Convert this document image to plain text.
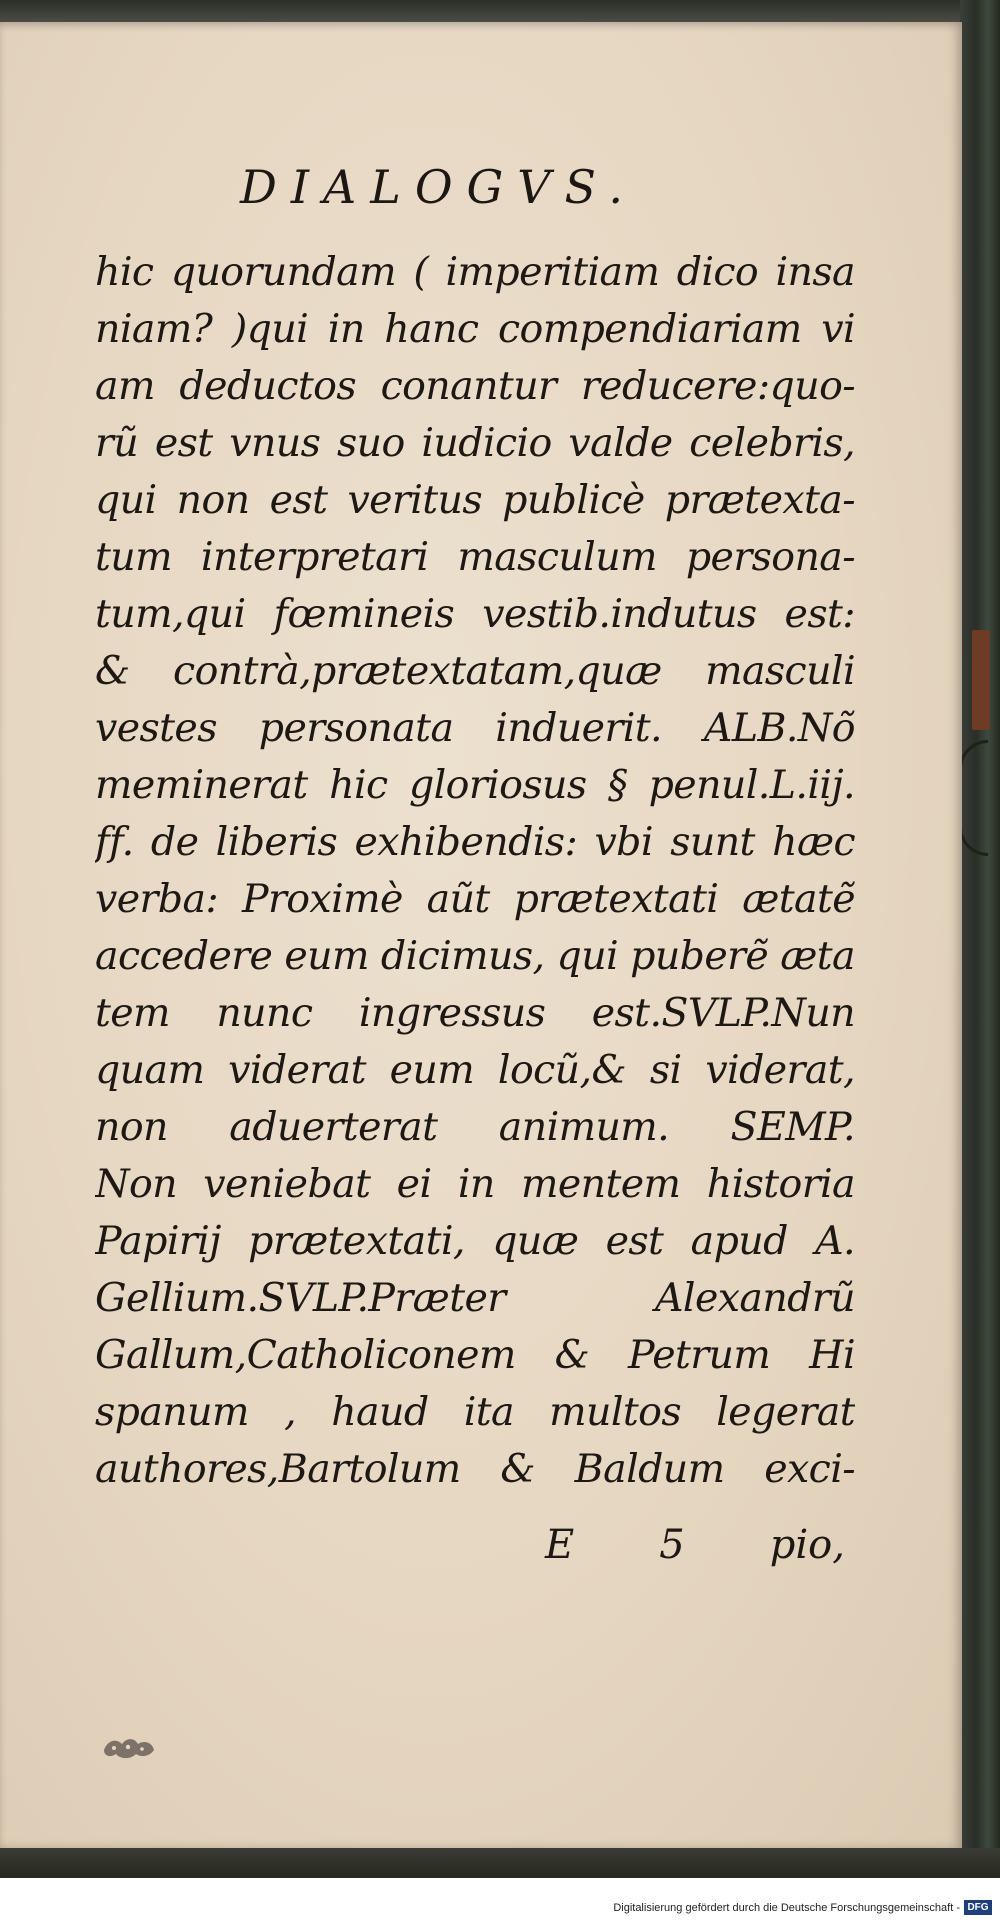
DIALOGVS.
hic quorundam ( imperitiam dico insa
niam? )qui in hanc compendiariam vi
am deductos conantur reducere:quo-
rũ est vnus suo iudicio valde celebris,
qui non est veritus publicè prætexta-
tum interpretari masculum persona-
tum,qui fœmineis vestib.indutus est:
& contrà,prætextatam,quæ masculi
vestes personata induerit. ALB.Nõ
meminerat hic gloriosus § penul.L.iij.
ff. de liberis exhibendis: vbi sunt hæc
verba: Proximè aũt prætextati ætatẽ
accedere eum dicimus, qui puberẽ æta
tem nunc ingressus est.SVLP.Nun
quam viderat eum locũ,& si viderat,
non aduerterat animum. SEMP.
Non veniebat ei in mentem historia
Papirij prætextati, quæ est apud A.
Gellium.SVLP.Præter Alexandrũ
Gallum,Catholiconem & Petrum Hi
spanum , haud ita multos legerat
authores,Bartolum & Baldum exci-
E 5 pio,
Digitalisierung gefördert durch die Deutsche Forschungsgemeinschaft - DFG
